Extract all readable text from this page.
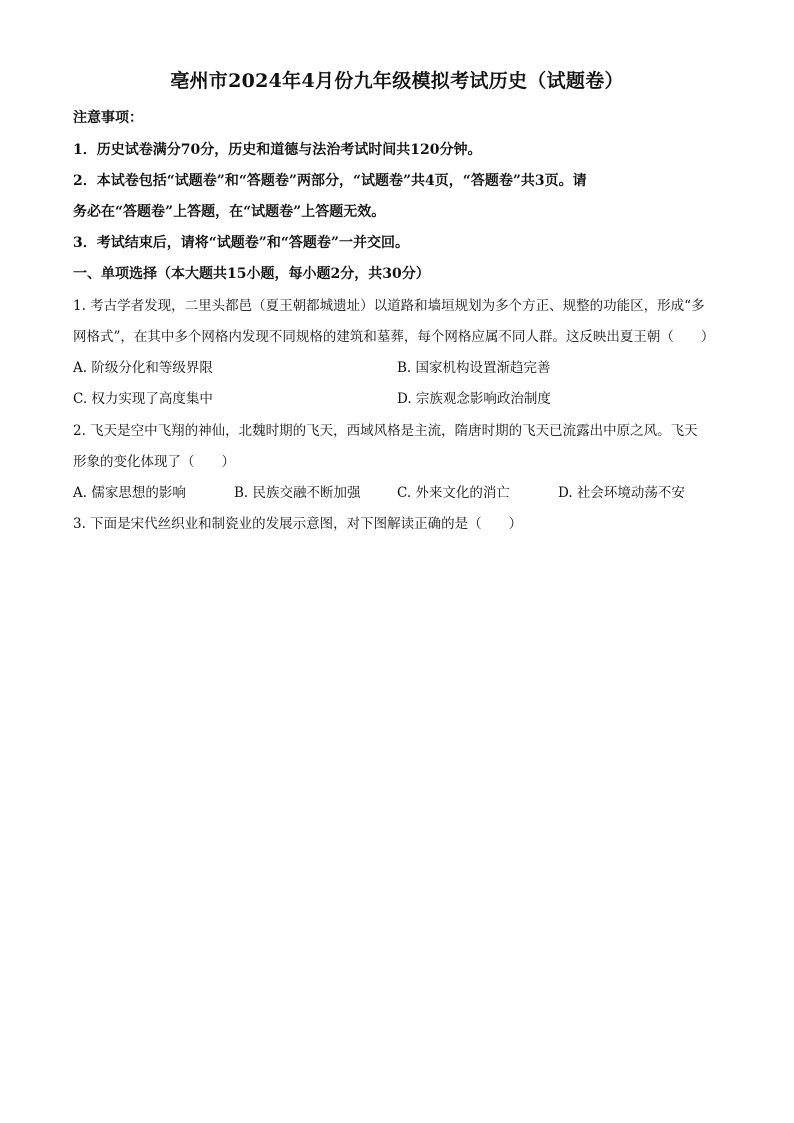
亳州市2024年4月份九年级模拟考试历史（试题卷）
注意事项：
1．历史试卷满分70分，历史和道德与法治考试时间共120分钟。
2．本试卷包括“试题卷”和“答题卷”两部分，“试题卷”共4页，“答题卷”共3页。请
务必在“答题卷”上答题，在“试题卷”上答题无效。
3．考试结束后，请将“试题卷”和“答题卷”一并交回。
一、单项选择（本大题共15小题，每小题2分，共30分）
1. 考古学者发现，二里头都邑（夏王朝都城遗址）以道路和墙垣规划为多个方正、规整的功能区，形成“多
网格式”，在其中多个网格内发现不同规格的建筑和墓葬，每个网格应属不同人群。这反映出夏王朝（　　）
A. 阶级分化和等级界限	B. 国家机构设置渐趋完善
C. 权力实现了高度集中	D. 宗族观念影响政治制度
2. 飞天是空中飞翔的神仙，北魏时期的飞天，西域风格是主流，隋唐时期的飞天已流露出中原之风。飞天
形象的变化体现了（　　）
A. 儒家思想的影响	B. 民族交融不断加强	C. 外来文化的消亡	D. 社会环境动荡不安
3. 下面是宋代丝织业和制瓷业的发展示意图，对下图解读正确的是（　　）
